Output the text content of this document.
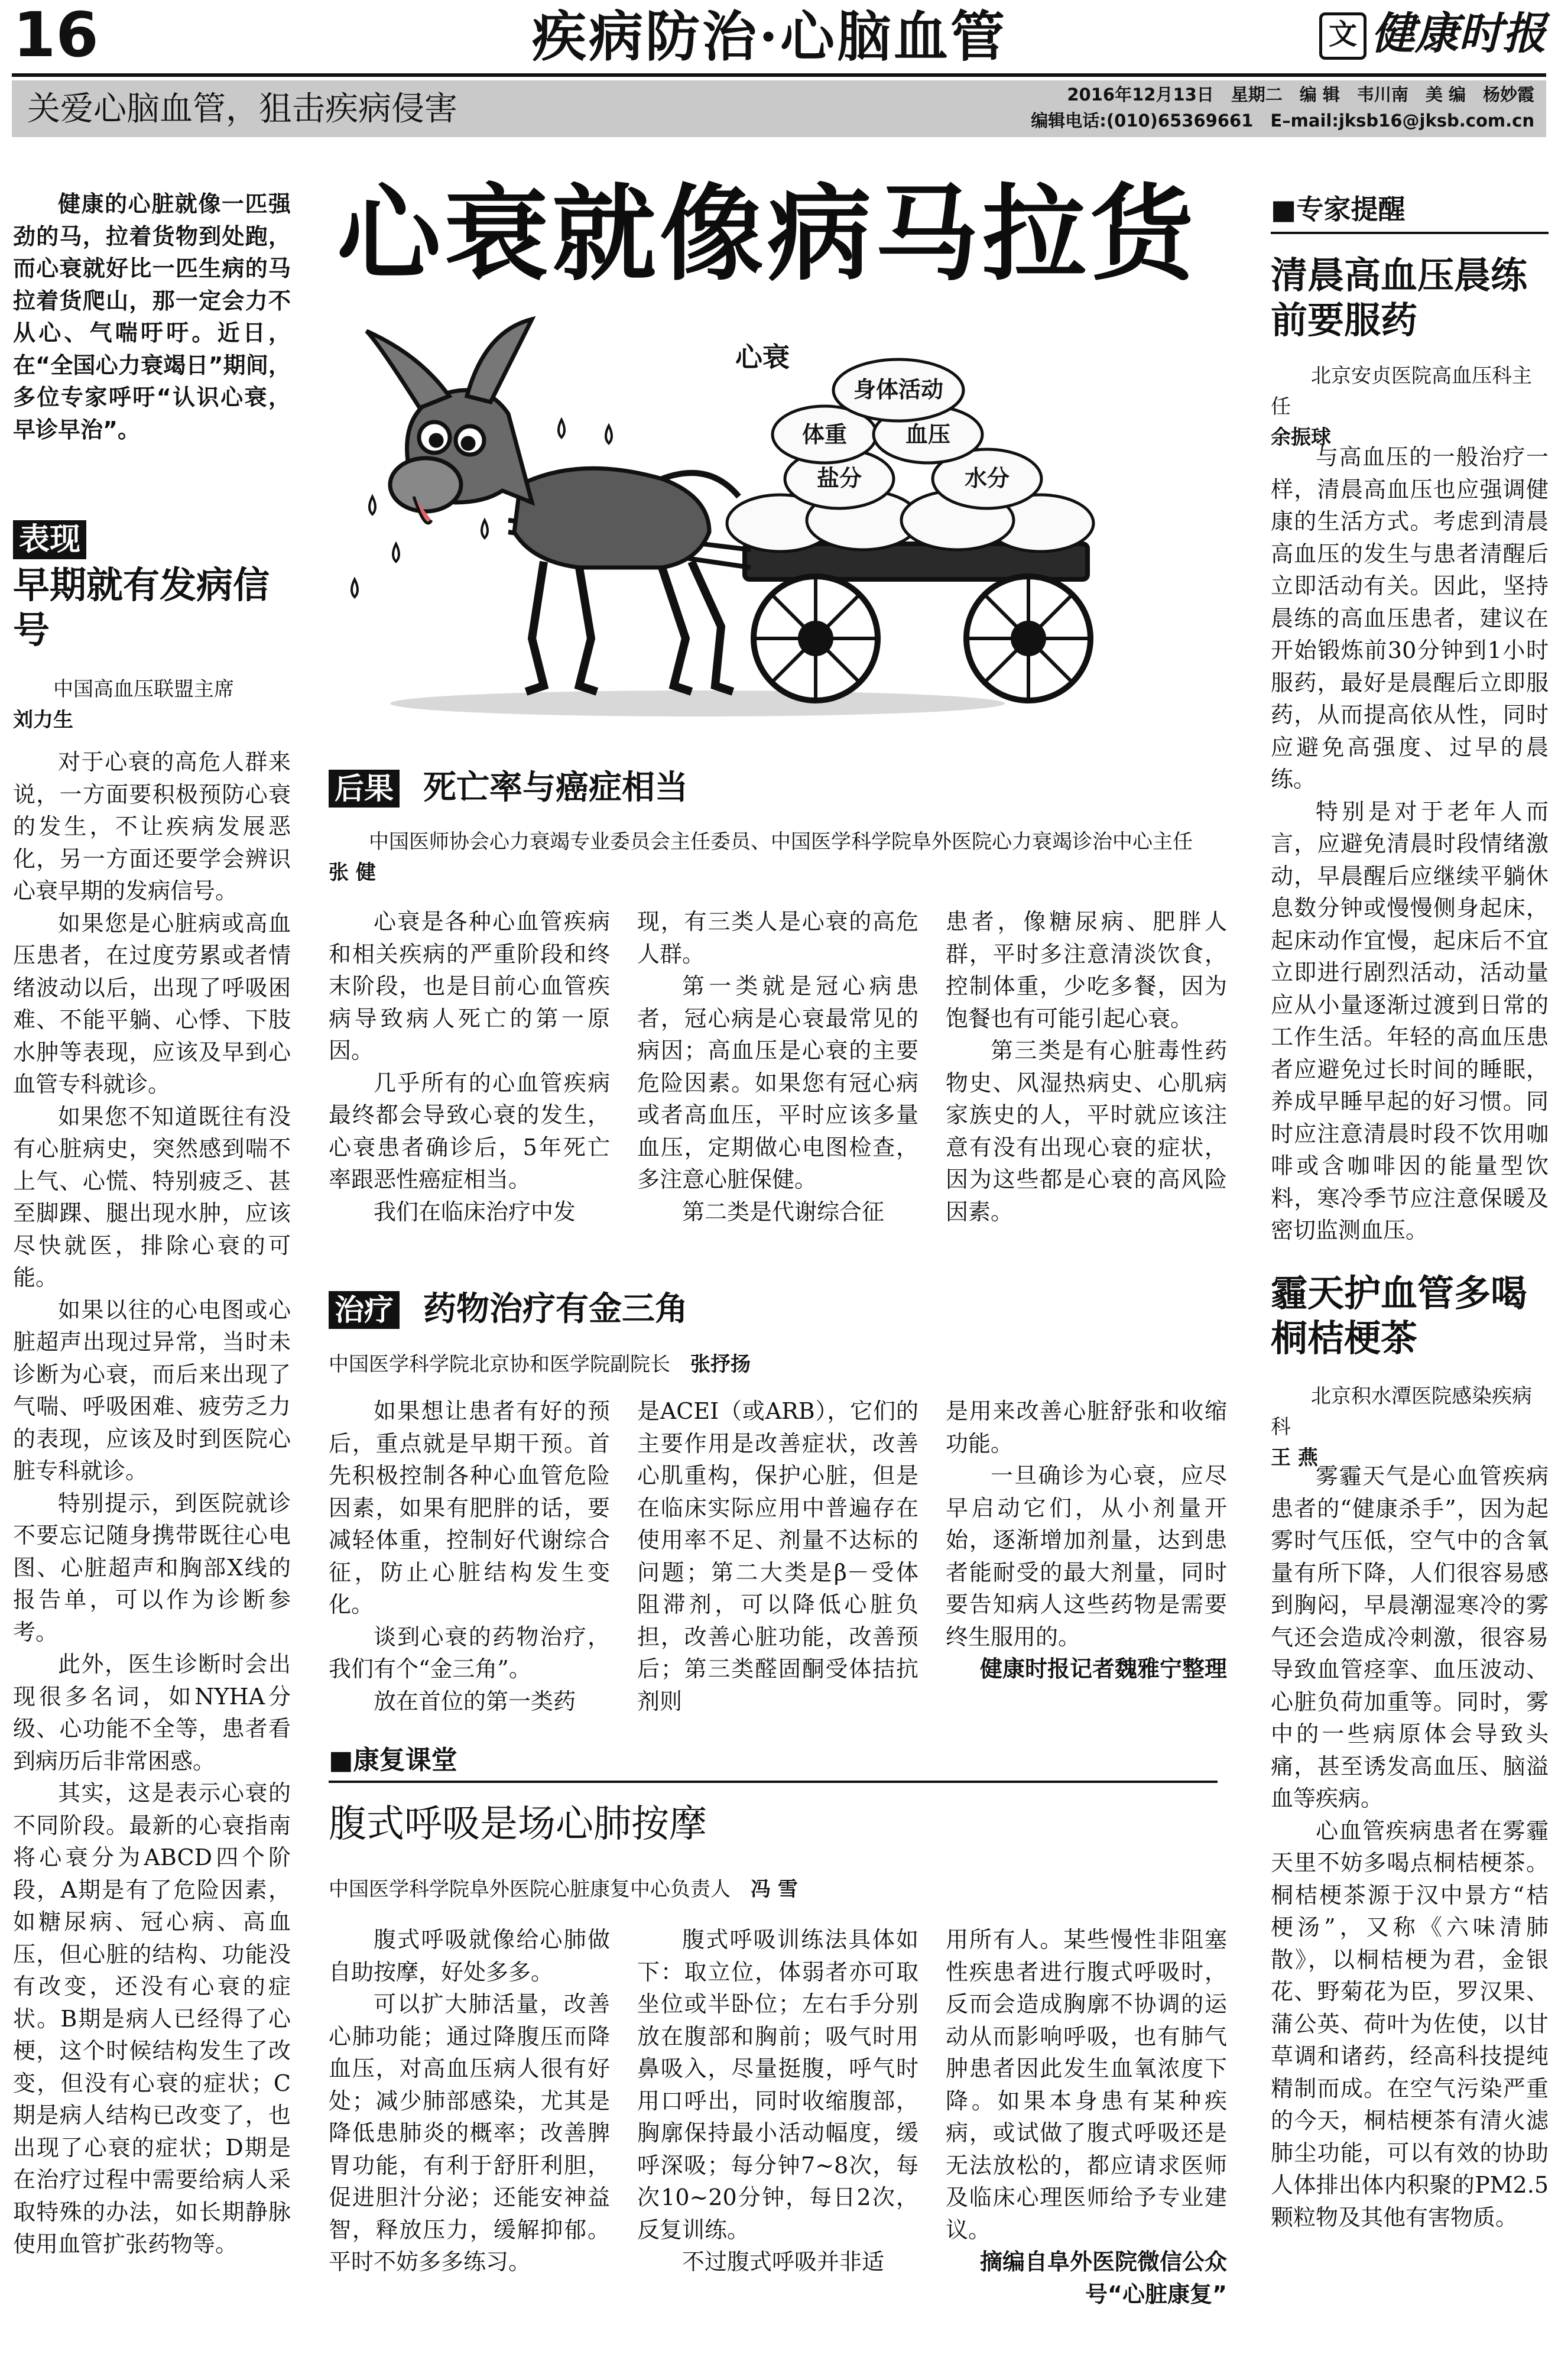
16	疾病防治·心脑血管	文 健康时报
关爱心脑血管，狙击疾病侵害	2016年12月13日　星期二　编 辑　韦川南　美 编　杨妙霞
编辑电话:(010)65369661　E–mail:jksb16@jksb.com.cn

健康的心脏就像一匹强劲的马，拉着货物到处跑，而心衰就好比一匹生病的马拉着货爬山，那一定会力不从心、气喘吁吁。近日，在“全国心力衰竭日”期间，多位专家呼吁“认识心衰，早诊早治”。

表现
早期就有发病信号
中国高血压联盟主席
刘力生

对于心衰的高危人群来说，一方面要积极预防心衰的发生，不让疾病发展恶化，另一方面还要学会辨识心衰早期的发病信号。

如果您是心脏病或高血压患者，在过度劳累或者情绪波动以后，出现了呼吸困难、不能平躺、心悸、下肢水肿等表现，应该及早到心血管专科就诊。

如果您不知道既往有没有心脏病史，突然感到喘不上气、心慌、特别疲乏、甚至脚踝、腿出现水肿，应该尽快就医，排除心衰的可能。

如果以往的心电图或心脏超声出现过异常，当时未诊断为心衰，而后来出现了气喘、呼吸困难、疲劳乏力的表现，应该及时到医院心脏专科就诊。

特别提示，到医院就诊不要忘记随身携带既往心电图、心脏超声和胸部X线的报告单，可以作为诊断参考。

此外，医生诊断时会出现很多名词，如NYHA分级、心功能不全等，患者看到病历后非常困惑。

其实，这是表示心衰的不同阶段。最新的心衰指南将心衰分为ABCD四个阶段，A期是有了危险因素，如糖尿病、冠心病、高血压，但心脏的结构、功能没有改变，还没有心衰的症状。B期是病人已经得了心梗，这个时候结构发生了改变，但没有心衰的症状；C期是病人结构已改变了，也出现了心衰的症状；D期是在治疗过程中需要给病人采取特殊的办法，如长期静脉使用血管扩张药物等。

心衰就像病马拉货
身体活动
体重	血压
盐分	水分
心衰
后果 死亡率与癌症相当
中国医师协会心力衰竭专业委员会主任委员、中国医学科学院阜外医院心力衰竭诊治中心主任　张 健

心衰是各种心血管疾病和相关疾病的严重阶段和终末阶段，也是目前心血管疾病导致病人死亡的第一原因。

几乎所有的心血管疾病最终都会导致心衰的发生，心衰患者确诊后，5年死亡率跟恶性癌症相当。

我们在临床治疗中发

现，有三类人是心衰的高危人群。

第一类就是冠心病患者，冠心病是心衰最常见的病因；高血压是心衰的主要危险因素。如果您有冠心病或者高血压，平时应该多量血压，定期做心电图检查，多注意心脏保健。

第二类是代谢综合征

患者，像糖尿病、肥胖人群，平时多注意清淡饮食，控制体重，少吃多餐，因为饱餐也有可能引起心衰。

第三类是有心脏毒性药物史、风湿热病史、心肌病家族史的人，平时就应该注意有没有出现心衰的症状，因为这些都是心衰的高风险因素。

治疗 药物治疗有金三角
中国医学科学院北京协和医学院副院长　 张抒扬

如果想让患者有好的预后，重点就是早期干预。首先积极控制各种心血管危险因素，如果有肥胖的话，要减轻体重，控制好代谢综合征，防止心脏结构发生变化。

谈到心衰的药物治疗，我们有个“金三角”。

放在首位的第一类药

是ACEI（或ARB），它们的主要作用是改善症状，改善心肌重构，保护心脏，但是在临床实际应用中普遍存在使用率不足、剂量不达标的问题；第二大类是β－受体阻滞剂，可以降低心脏负担，改善心脏功能，改善预后；第三类醛固酮受体拮抗剂则

是用来改善心脏舒张和收缩功能。

一旦确诊为心衰，应尽早启动它们，从小剂量开始，逐渐增加剂量，达到患者能耐受的最大剂量，同时要告知病人这些药物是需要终生服用的。

健康时报记者魏雅宁整理

■康复课堂
腹式呼吸是场心肺按摩
中国医学科学院阜外医院心脏康复中心负责人　 冯 雪

腹式呼吸就像给心肺做自助按摩，好处多多。

可以扩大肺活量，改善心肺功能；通过降腹压而降血压，对高血压病人很有好处；减少肺部感染，尤其是降低患肺炎的概率；改善脾胃功能，有利于舒肝利胆，促进胆汁分泌；还能安神益智，释放压力，缓解抑郁。平时不妨多多练习。

腹式呼吸训练法具体如下：取立位，体弱者亦可取坐位或半卧位；左右手分别放在腹部和胸前；吸气时用鼻吸入，尽量挺腹，呼气时用口呼出，同时收缩腹部，胸廓保持最小活动幅度，缓呼深吸；每分钟7~8次，每次10~20分钟，每日2次，反复训练。

不过腹式呼吸并非适

用所有人。某些慢性非阻塞性疾患者进行腹式呼吸时，反而会造成胸廓不协调的运动从而影响呼吸，也有肺气肿患者因此发生血氧浓度下降。如果本身患有某种疾病，或试做了腹式呼吸还是无法放松的，都应请求医师及临床心理医师给予专业建议。

摘编自阜外医院微信公众号“心脏康复”

■专家提醒
清晨高血压晨练前要服药
北京安贞医院高血压科主任　余振球

与高血压的一般治疗一样，清晨高血压也应强调健康的生活方式。考虑到清晨高血压的发生与患者清醒后立即活动有关。因此，坚持晨练的高血压患者，建议在开始锻炼前30分钟到1小时服药，最好是晨醒后立即服药，从而提高依从性，同时应避免高强度、过早的晨练。

特别是对于老年人而言，应避免清晨时段情绪激动，早晨醒后应继续平躺休息数分钟或慢慢侧身起床，起床动作宜慢，起床后不宜立即进行剧烈活动，活动量应从小量逐渐过渡到日常的工作生活。年轻的高血压患者应避免过长时间的睡眠，养成早睡早起的好习惯。同时应注意清晨时段不饮用咖啡或含咖啡因的能量型饮料，寒冷季节应注意保暖及密切监测血压。

霾天护血管多喝桐桔梗茶
北京积水潭医院感染疾病科　王 燕

雾霾天气是心血管疾病患者的“健康杀手”，因为起雾时气压低，空气中的含氧量有所下降，人们很容易感到胸闷，早晨潮湿寒冷的雾气还会造成冷刺激，很容易导致血管痉挛、血压波动、心脏负荷加重等。同时，雾中的一些病原体会导致头痛，甚至诱发高血压、脑溢血等疾病。

心血管疾病患者在雾霾天里不妨多喝点桐桔梗茶。桐桔梗茶源于汉中景方“桔梗汤”，又称《六味清肺散》，以桐桔梗为君，金银花、野菊花为臣，罗汉果、蒲公英、荷叶为佐使，以甘草调和诸药，经高科技提纯精制而成。在空气污染严重的今天，桐桔梗茶有清火滤肺尘功能，可以有效的协助人体排出体内积聚的PM2.5颗粒物及其他有害物质。
